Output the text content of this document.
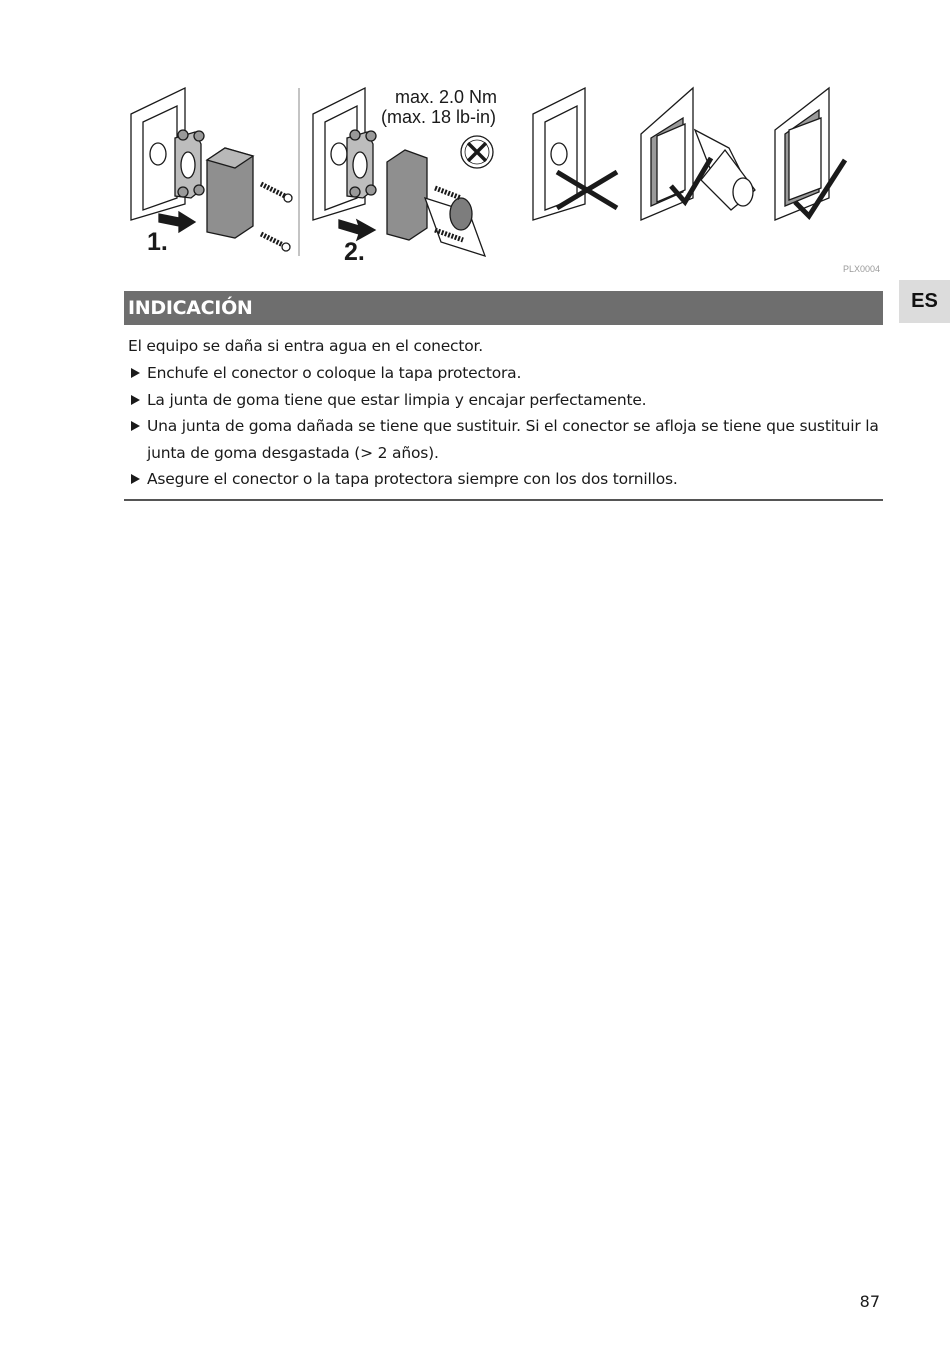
max. 2.0 Nm
(max. 18 lb-in)
1.	2.
PLX0004
ES
INDICACIÓN

El equipo se daña si entra agua en el conector.

Enchufe el conector o coloque la tapa protectora.
La junta de goma tiene que estar limpia y encajar perfectamente.
Una junta de goma dañada se tiene que sustituir. Si el conector se afloja se tiene que sustituir la junta de goma desgastada (> 2 años).
Asegure el conector o la tapa protectora siempre con los dos tornillos.
87
